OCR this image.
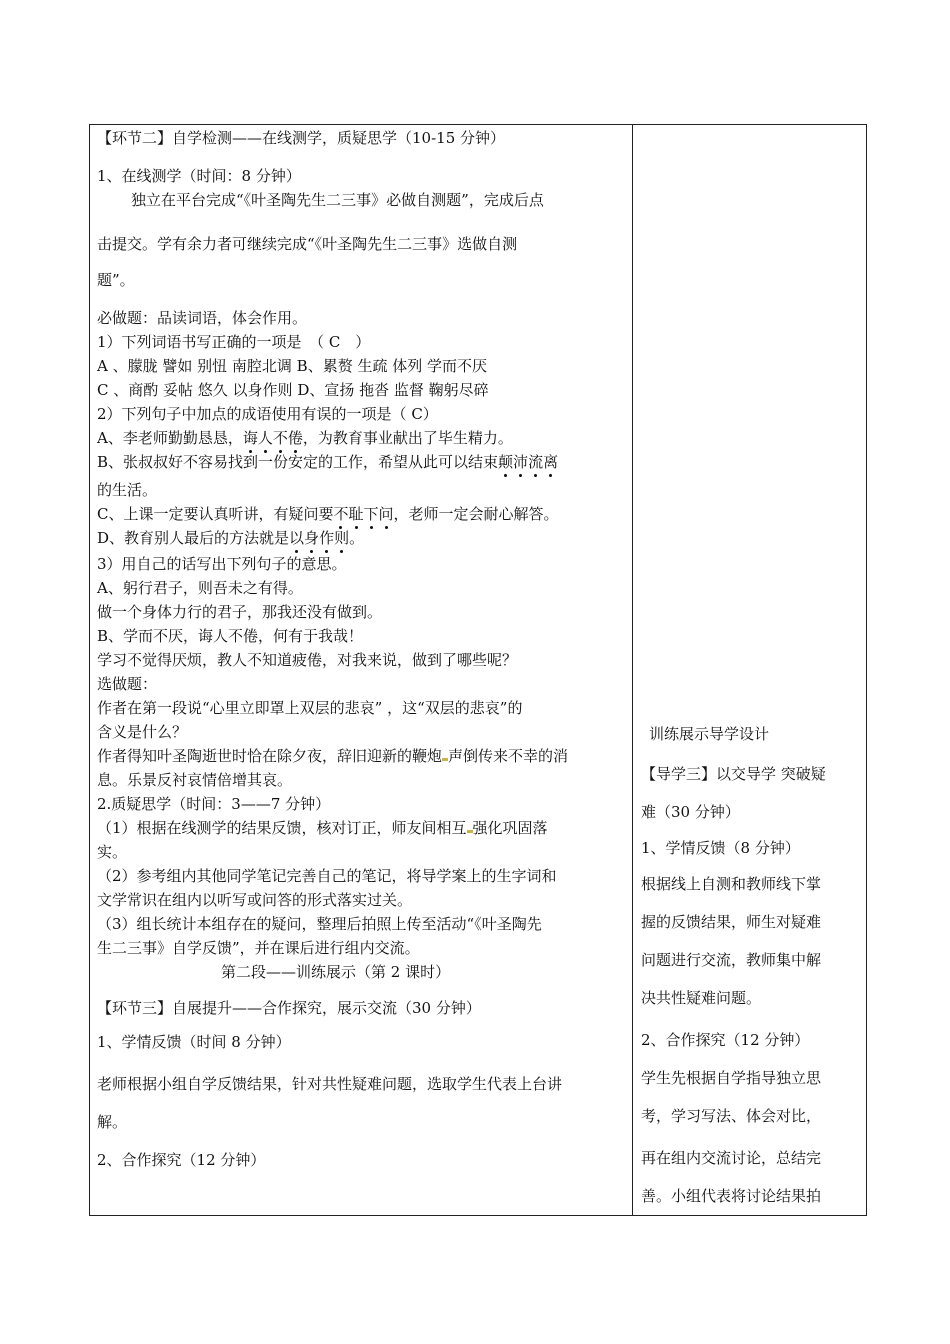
【环节二】自学检测——在线测学，质疑思学（10-15 分钟）
1、在线测学（时间：8 分钟）
独立在平台完成“《叶圣陶先生二三事》必做自测题”，完成后点
击提交。学有余力者可继续完成“《叶圣陶先生二三事》选做自测
题”。
必做题：品读词语，体会作用。
1）下列词语书写正确的一项是　（ C　）
A 、朦胧 譬如 别忸 南腔北调 B、累赘 生疏 体列 学而不厌
C 、商酌 妥帖 悠久 以身作则 D、宣扬 拖沓 监督 鞠躬尽碎
2）下列句子中加点的成语使用有误的一项是（ C）
A、李老师勤勤恳恳，诲人不倦，为教育事业献出了毕生精力。
B、张叔叔好不容易找到一份安定的工作，希望从此可以结束颠沛流离
的生活。
C、上课一定要认真听讲，有疑问要不耻下问，老师一定会耐心解答。
D、教育别人最后的方法就是以身作则。
3）用自己的话写出下列句子的意思。
A、躬行君子，则吾未之有得。
做一个身体力行的君子，那我还没有做到。
B、学而不厌，诲人不倦，何有于我哉！
学习不觉得厌烦，教人不知道疲倦，对我来说，做到了哪些呢？
选做题：
作者在第一段说“心里立即罩上双层的悲哀” ，这“双层的悲哀”的
含义是什么？
作者得知叶圣陶逝世时恰在除夕夜，辞旧迎新的鞭炮 声倒传来不幸的消
息。乐景反衬哀情倍增其哀。
2.质疑思学（时间：3——7 分钟）
（1）根据在线测学的结果反馈，核对订正，师友间相互 强化巩固落
实。
（2）参考组内其他同学笔记完善自己的笔记，将导学案上的生字词和
文学常识在组内以听写或问答的形式落实过关。
（3）组长统计本组存在的疑问，整理后拍照上传至活动“《叶圣陶先
生二三事》自学反馈”，并在课后进行组内交流。
第二段——训练展示（第 2 课时）
【环节三】自展提升——合作探究，展示交流（30 分钟）
1、学情反馈（时间 8 分钟）
老师根据小组自学反馈结果，针对共性疑难问题，选取学生代表上台讲
解。
2、合作探究（12 分钟）
训练展示导学设计
【导学三】以交导学 突破疑
难（30 分钟）
1、学情反馈（8 分钟）
根据线上自测和教师线下掌
握的反馈结果，师生对疑难
问题进行交流，教师集中解
决共性疑难问题。
2、合作探究（12 分钟）
学生先根据自学指导独立思
考，学习写法、体会对比，
再在组内交流讨论，总结完
善。小组代表将讨论结果拍
